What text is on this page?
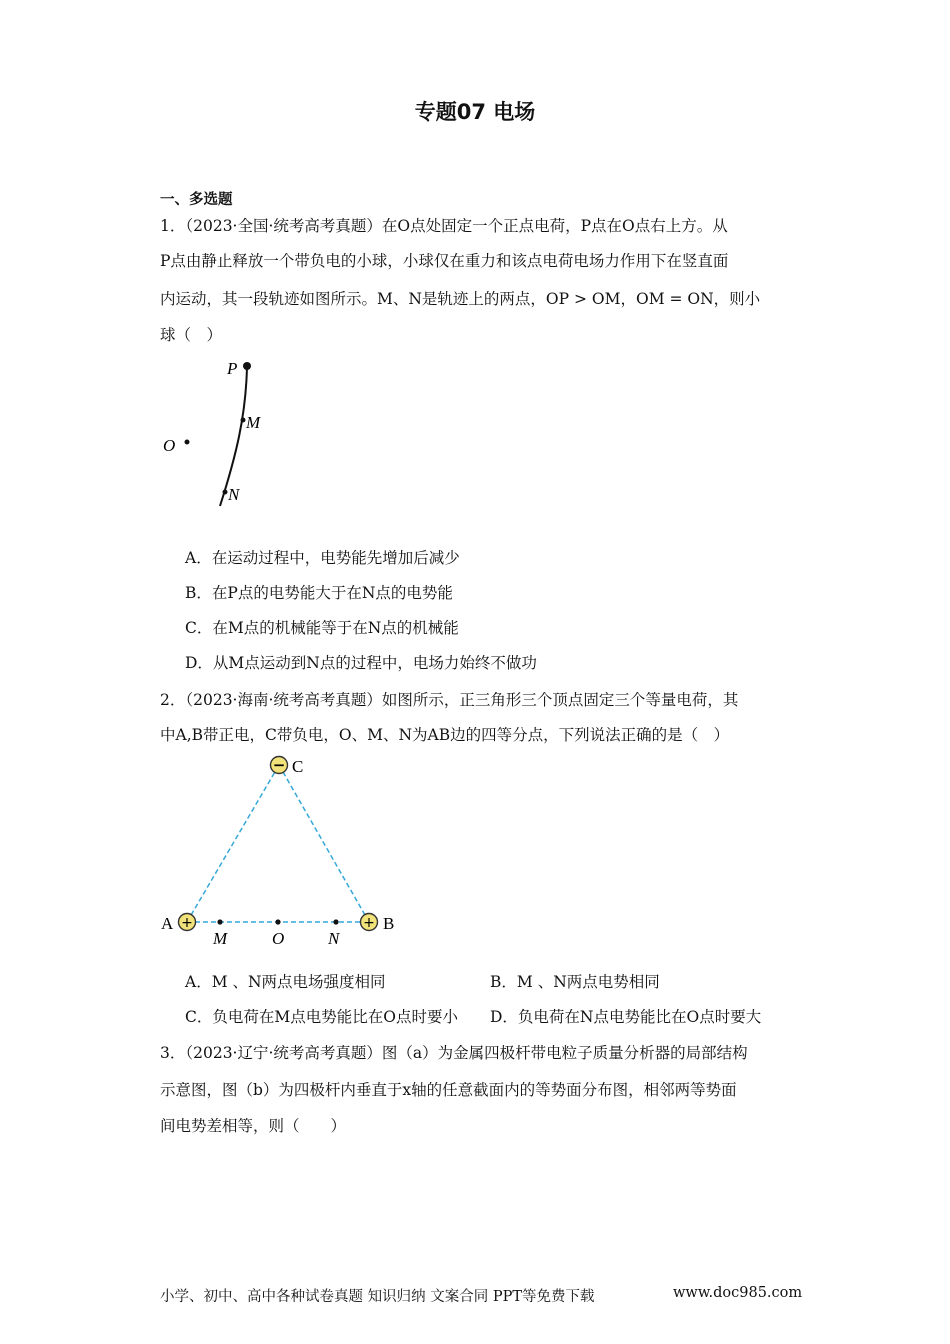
专题07 电场
一、多选题
1．（2023·全国·统考高考真题）在O点处固定一个正点电荷，P点在O点右上方。从
P点由静止释放一个带负电的小球，小球仅在重力和该点电荷电场力作用下在竖直面
内运动，其一段轨迹如图所示。M、N是轨迹上的两点，OP > OM，OM = ON，则小
球（　）
P
M
N
O
A．在运动过程中，电势能先增加后减少
B．在P点的电势能大于在N点的电势能
C．在M点的机械能等于在N点的机械能
D．从M点运动到N点的过程中，电场力始终不做功
2．（2023·海南·统考高考真题）如图所示，正三角形三个顶点固定三个等量电荷，其
中A,B带正电，C带负电，O、M、N为AB边的四等分点，下列说法正确的是（　）
−
+	+
C
A	B
M	O	N
A．M 、N两点电场强度相同	B．M 、N两点电势相同
C．负电荷在M点电势能比在O点时要小 D．负电荷在N点电势能比在O点时要大
3．（2023·辽宁·统考高考真题）图（a）为金属四极杆带电粒子质量分析器的局部结构
示意图，图（b）为四极杆内垂直于x轴的任意截面内的等势面分布图，相邻两等势面
间电势差相等，则（　　）
小学、初中、高中各种试卷真题 知识归纳 文案合同 PPT等免费下载	www.doc985.com
